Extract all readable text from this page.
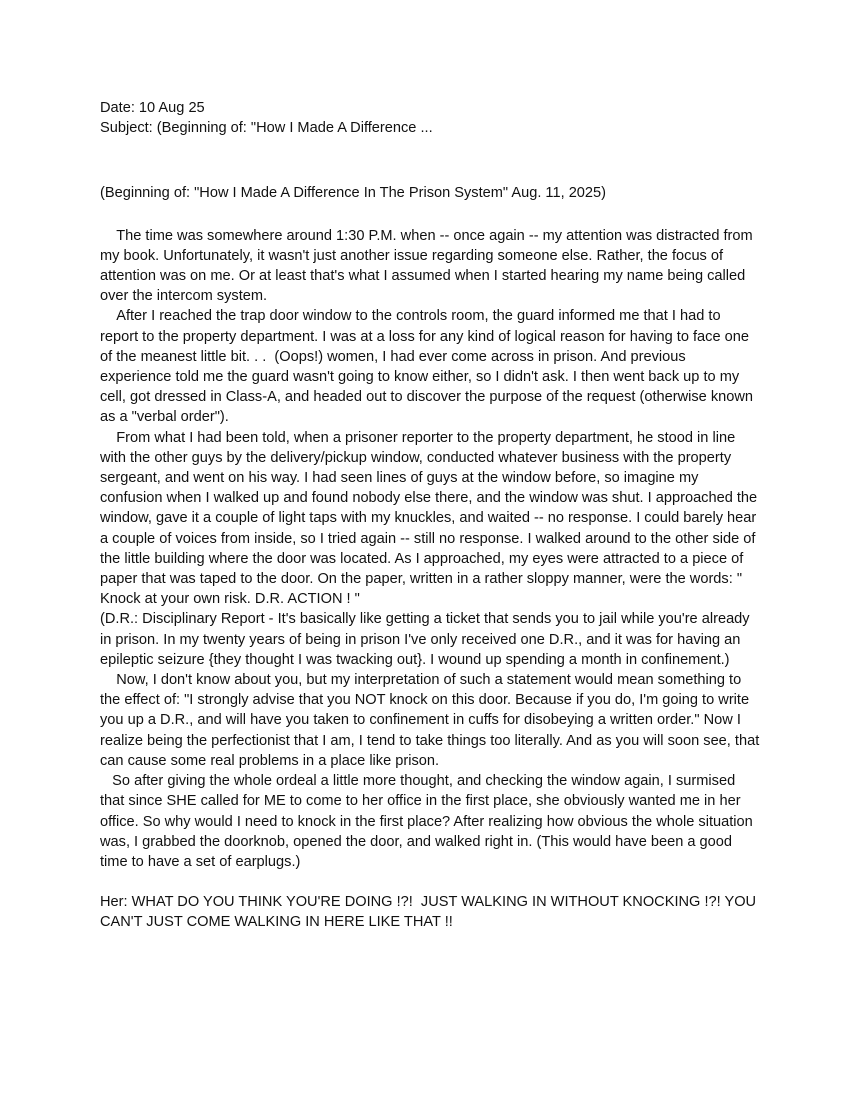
Date: 10 Aug 25
Subject: (Beginning of: "How I Made A Difference ...
(Beginning of: "How I Made A Difference In The Prison System" Aug. 11, 2025)

The time was somewhere around 1:30 P.M. when -- once again -- my attention was distracted from my book. Unfortunately, it wasn't just another issue regarding someone else. Rather, the focus of attention was on me. Or at least that's what I assumed when I started hearing my name being called over the intercom system.

After I reached the trap door window to the controls room, the guard informed me that I had to report to the property department. I was at a loss for any kind of logical reason for having to face one of the meanest little bit. . .  (Oops!) women, I had ever come across in prison. And previous experience told me the guard wasn't going to know either, so I didn't ask. I then went back up to my cell, got dressed in Class-A, and headed out to discover the purpose of the request (otherwise known as a "verbal order").

From what I had been told, when a prisoner reporter to the property department, he stood in line with the other guys by the delivery/pickup window, conducted whatever business with the property sergeant, and went on his way. I had seen lines of guys at the window before, so imagine my confusion when I walked up and found nobody else there, and the window was shut. I approached the window, gave it a couple of light taps with my knuckles, and waited -- no response. I could barely hear a couple of voices from inside, so I tried again -- still no response. I walked around to the other side of the little building where the door was located. As I approached, my eyes were attracted to a piece of paper that was taped to the door. On the paper, written in a rather sloppy manner, were the words: " Knock at your own risk. D.R. ACTION ! "

(D.R.: Disciplinary Report - It's basically like getting a ticket that sends you to jail while you're already in prison. In my twenty years of being in prison I've only received one D.R., and it was for having an epileptic seizure {they thought I was twacking out}. I wound up spending a month in confinement.)

Now, I don't know about you, but my interpretation of such a statement would mean something to the effect of: "I strongly advise that you NOT knock on this door. Because if you do, I'm going to write you up a D.R., and will have you taken to confinement in cuffs for disobeying a written order." Now I realize being the perfectionist that I am, I tend to take things too literally. And as you will soon see, that can cause some real problems in a place like prison.

So after giving the whole ordeal a little more thought, and checking the window again, I surmised that since SHE called for ME to come to her office in the first place, she obviously wanted me in her office. So why would I need to knock in the first place? After realizing how obvious the whole situation was, I grabbed the doorknob, opened the door, and walked right in. (This would have been a good time to have a set of earplugs.)

Her: WHAT DO YOU THINK YOU'RE DOING !?!  JUST WALKING IN WITHOUT KNOCKING !?! YOU CAN'T JUST COME WALKING IN HERE LIKE THAT !!
